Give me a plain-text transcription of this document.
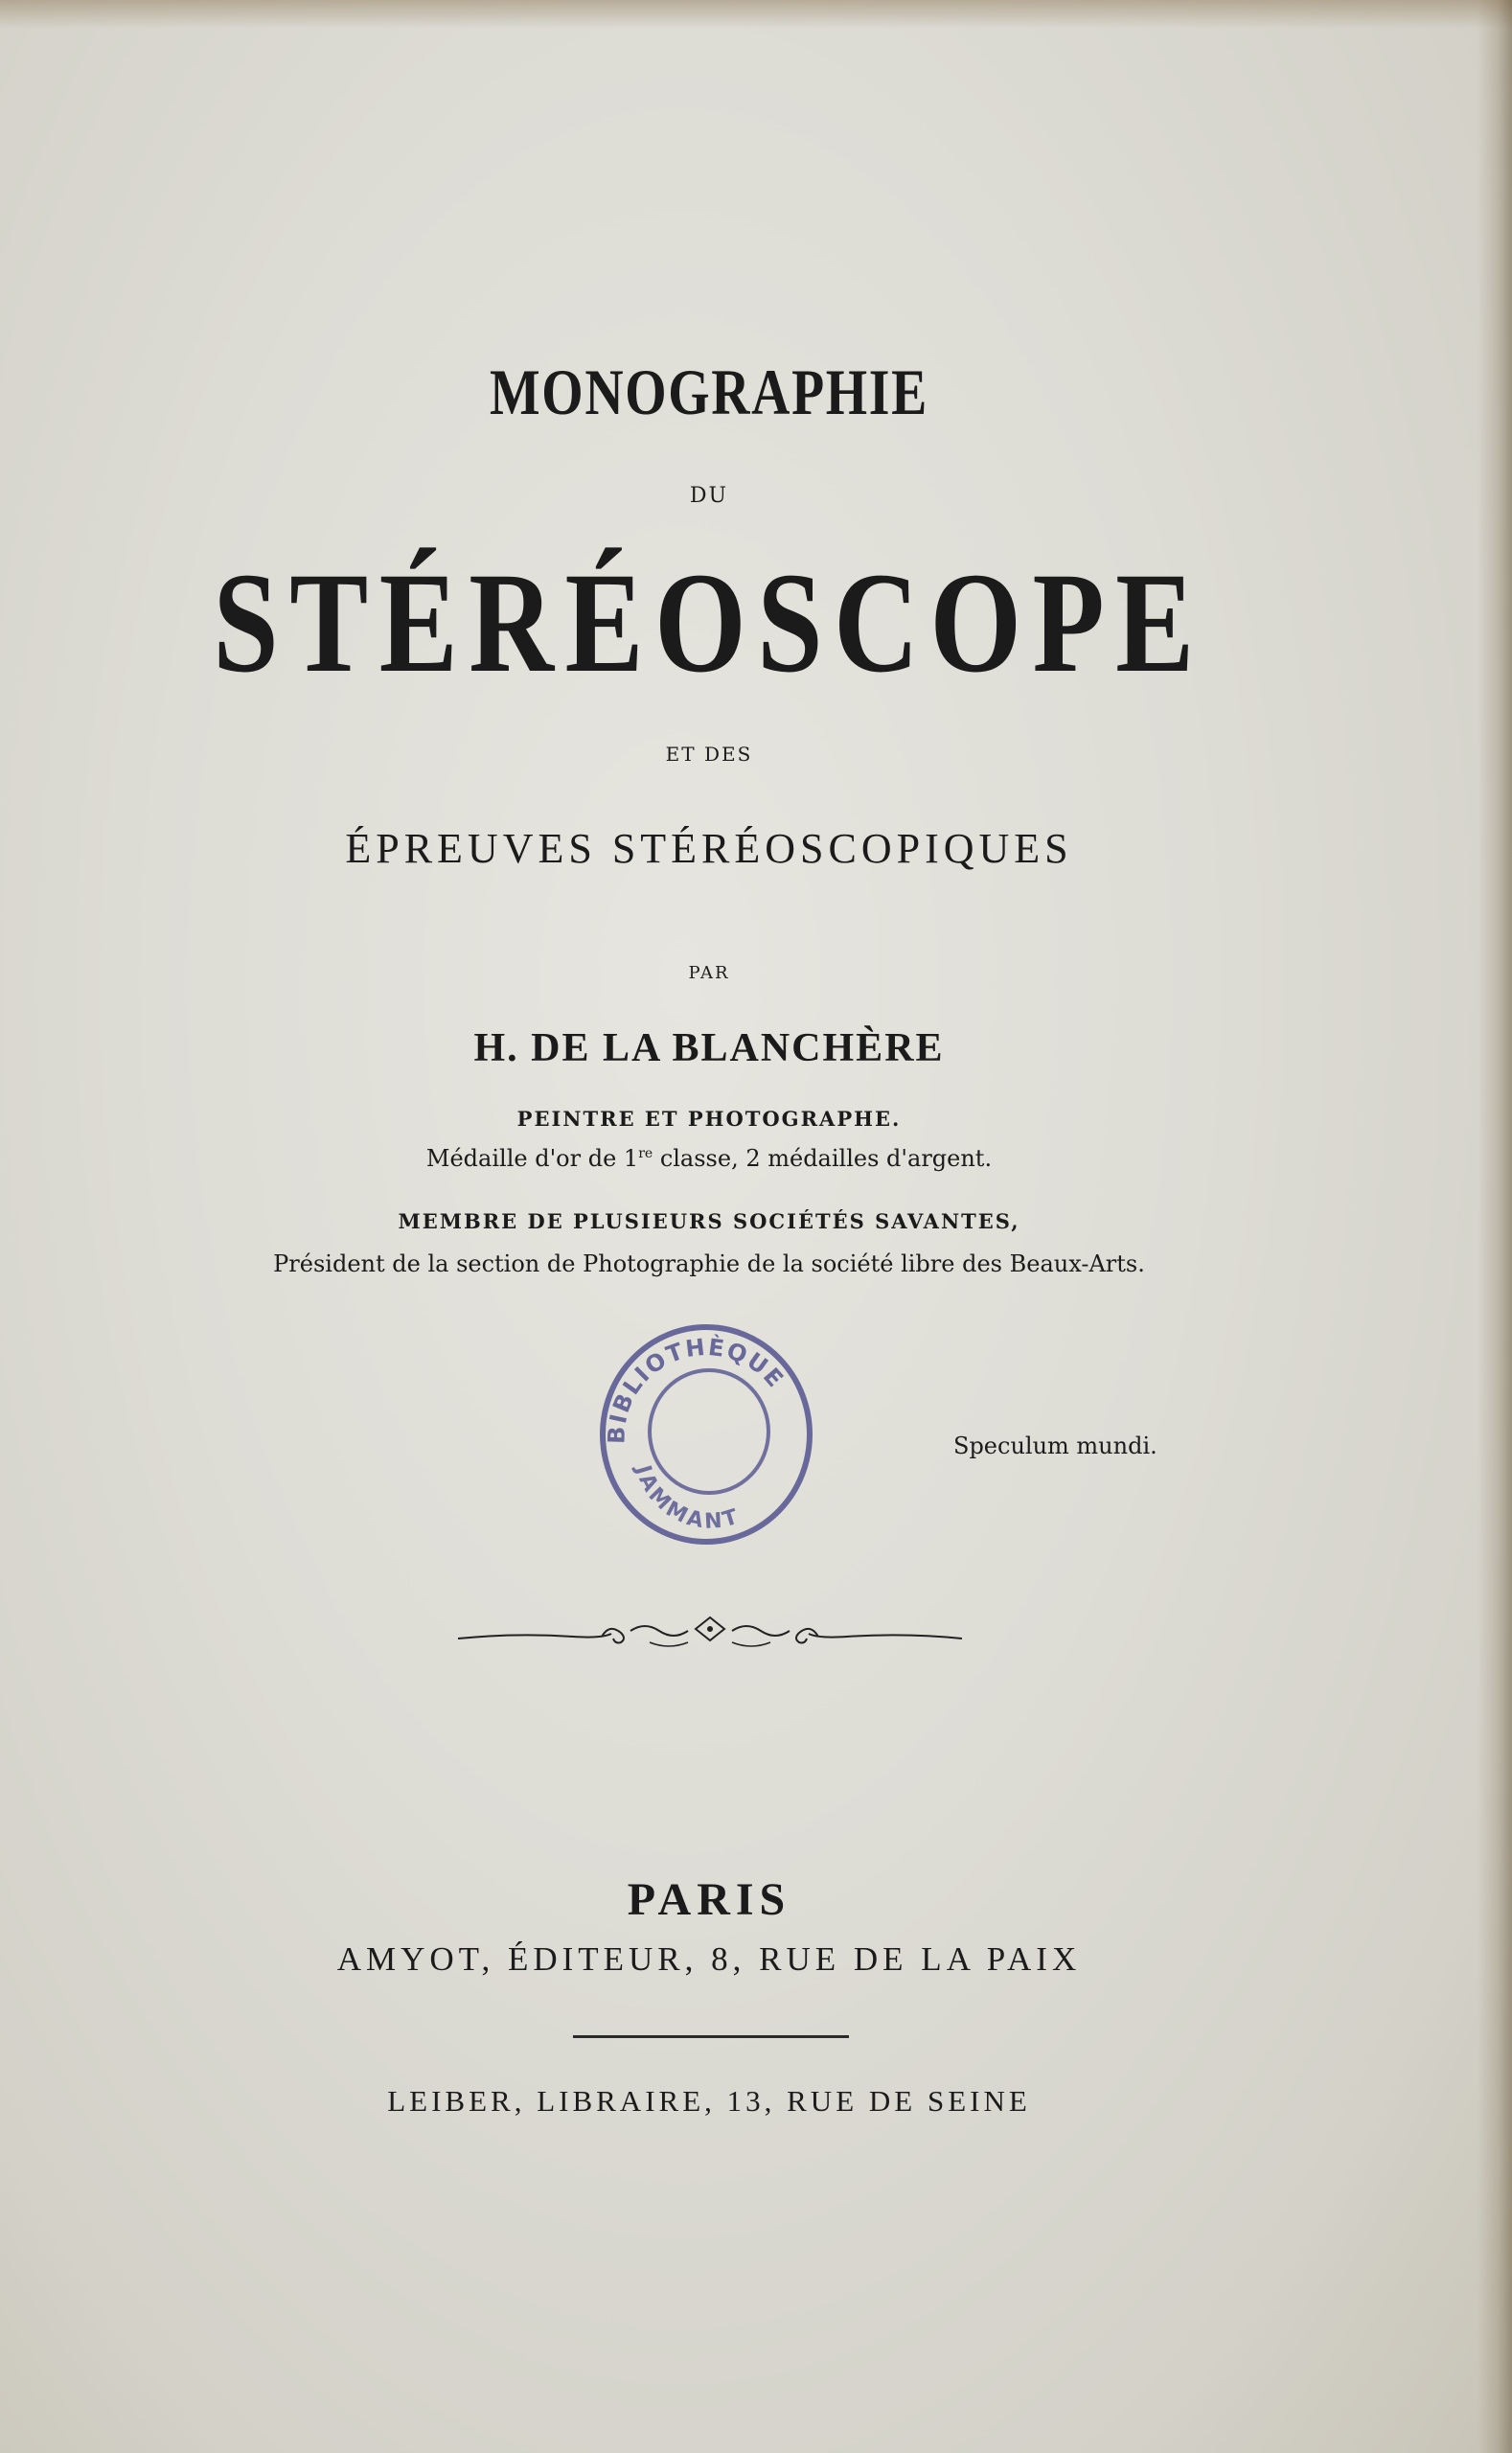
MONOGRAPHIE
DU
STÉRÉOSCOPE
ET DES
ÉPREUVES STÉRÉOSCOPIQUES
PAR
H. DE LA BLANCHÈRE
PEINTRE ET PHOTOGRAPHE.
Médaille d'or de 1re classe, 2 médailles d'argent.
MEMBRE DE PLUSIEURS SOCIÉTÉS SAVANTES,
Président de la section de Photographie de la société libre des Beaux-Arts.
BIBLIOTHÈQUE
JAMMANT
Speculum mundi.
PARIS
AMYOT, ÉDITEUR, 8, RUE DE LA PAIX
LEIBER, LIBRAIRE, 13, RUE DE SEINE
